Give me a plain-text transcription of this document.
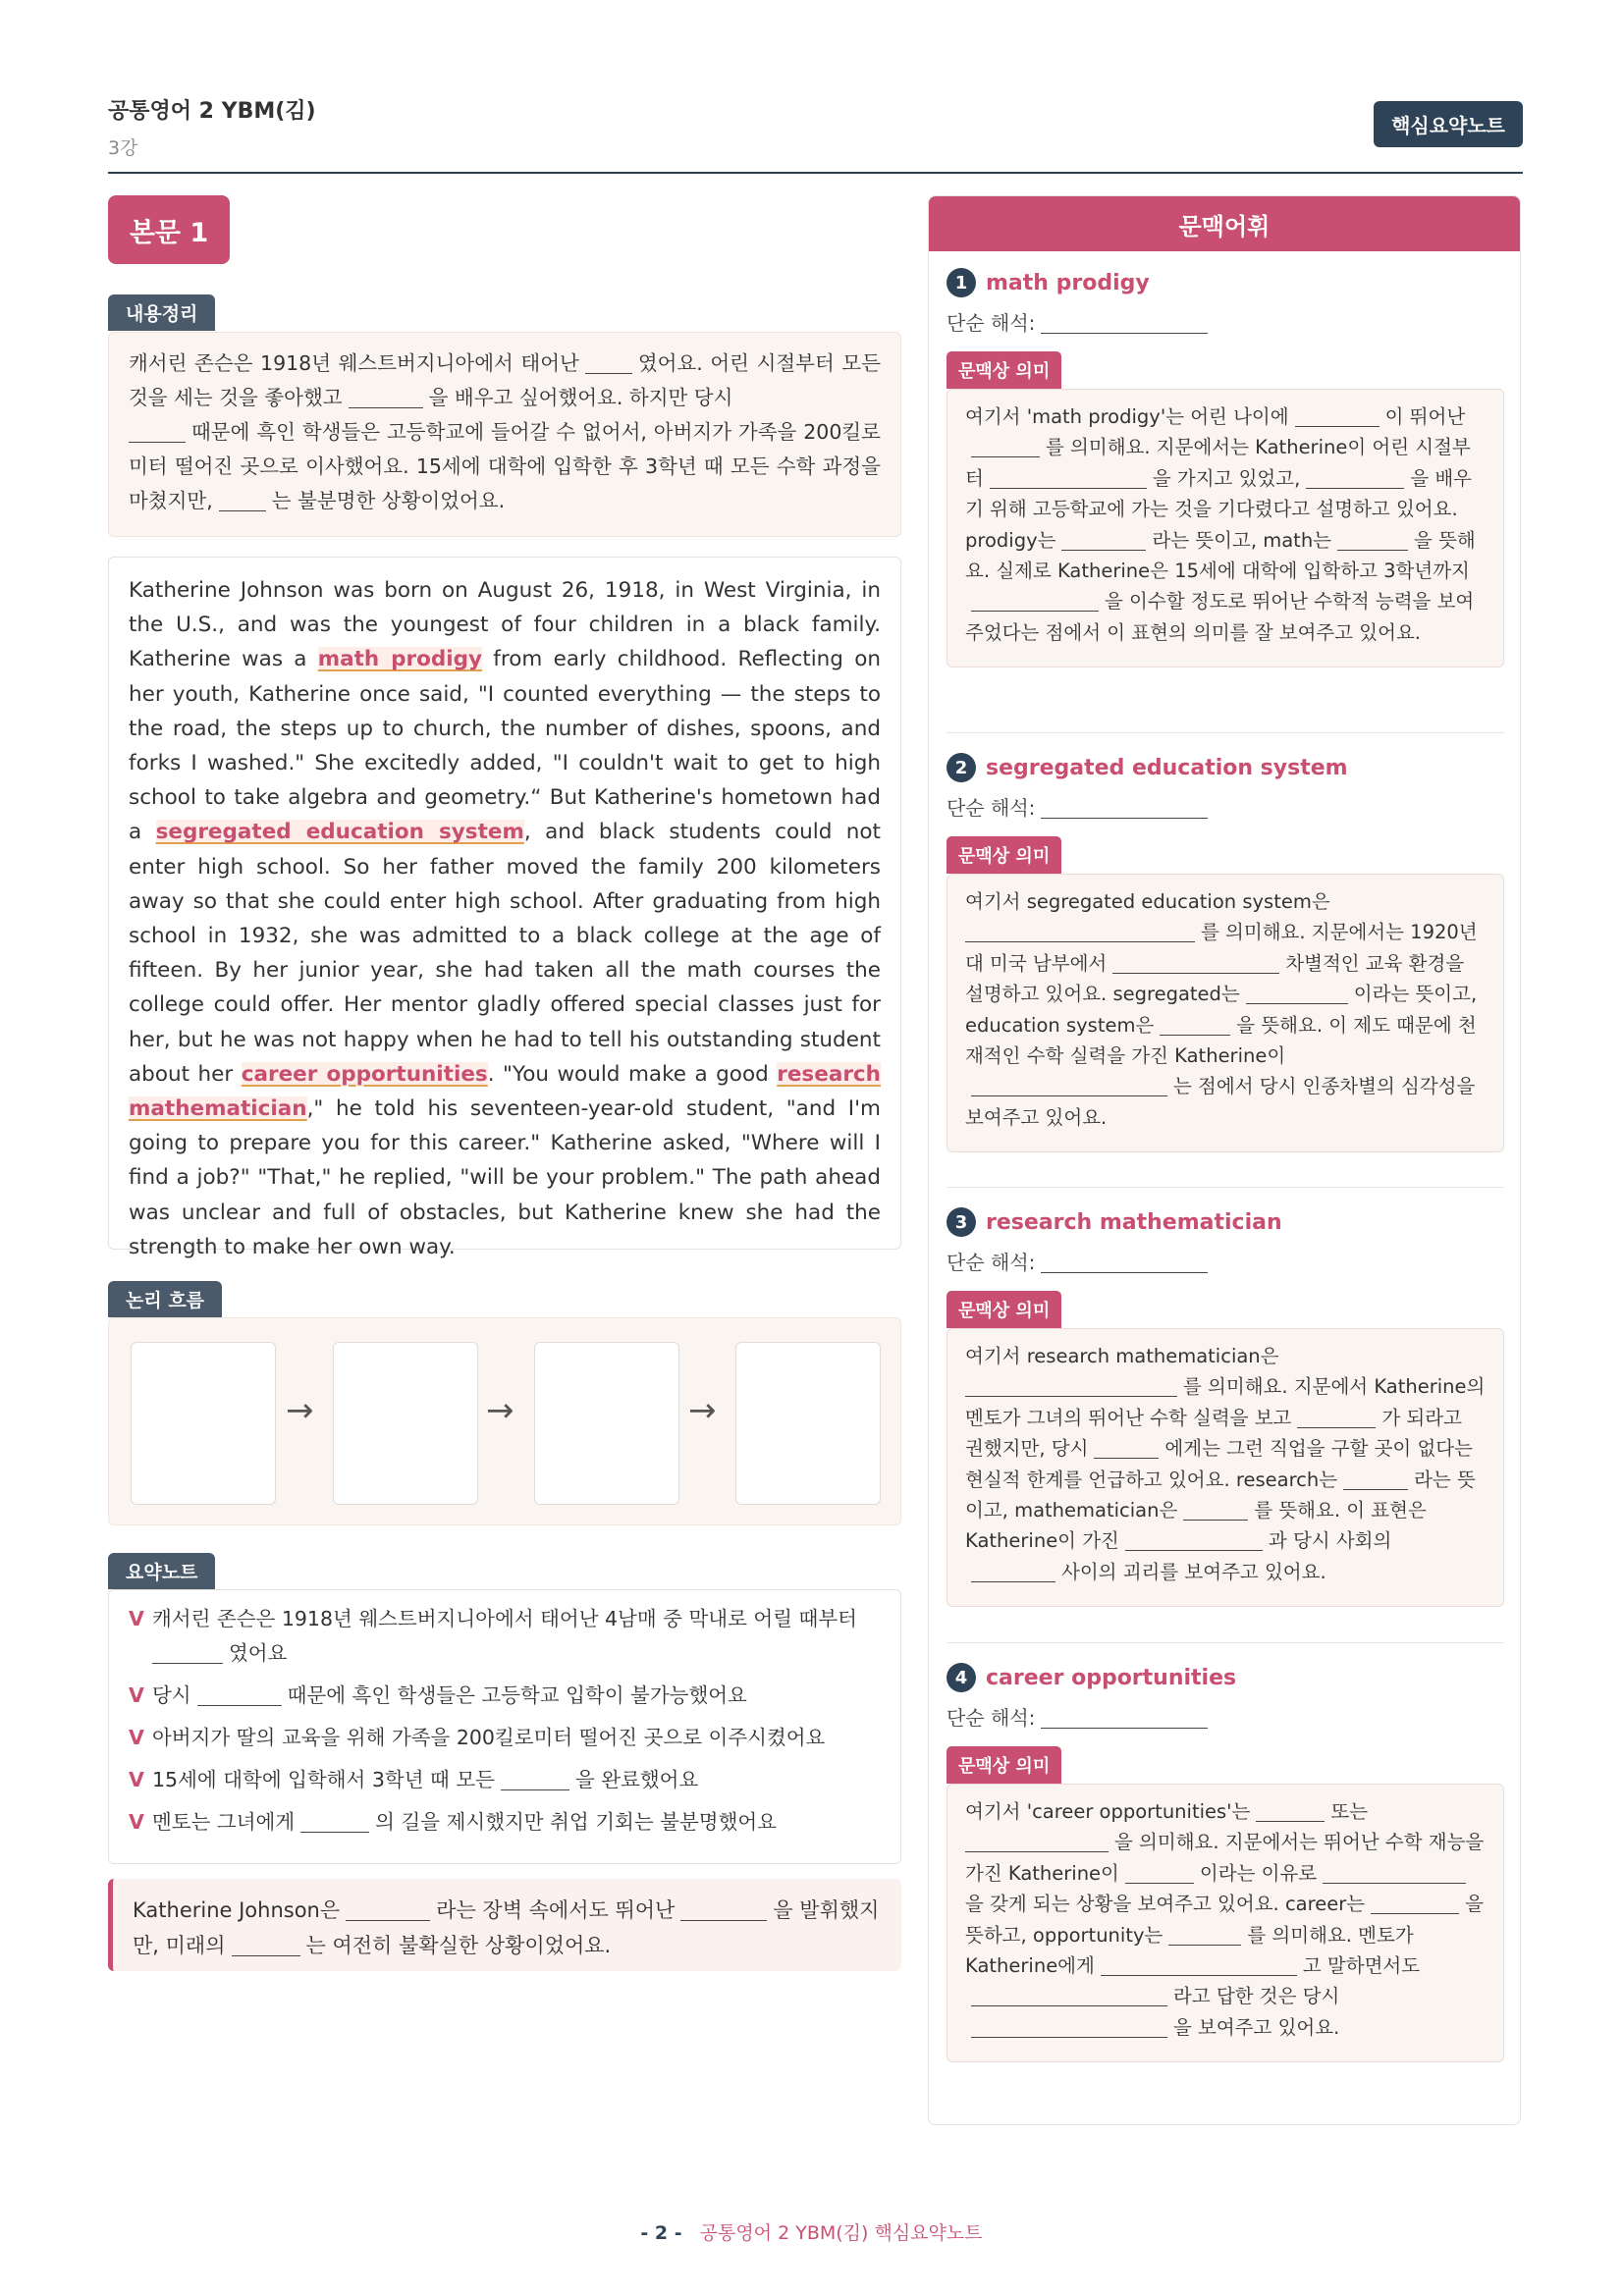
공통영어 2 YBM(김)
3강
핵심요약노트
본문 1
내용정리
캐서린 존슨은 1918년 웨스트버지니아에서 태어난	였어요. 어린 시절부터 모든 것을 세는 것을 좋아했고	을 배우고 싶어했어요. 하지만 당시
때문에 흑인 학생들은 고등학교에 들어갈 수 없어서, 아버지가 가족을 200킬로미터 떨어진 곳으로 이사했어요. 15세에 대학에 입학한 후 3학년 때 모든 수학 과정을 마쳤지만,	는 불분명한 상황이었어요.
Katherine Johnson was born on August 26, 1918, in West Virginia, in the U.S., and was the youngest of four children in a black family. Katherine was a math prodigy from early childhood. Reflecting on her youth, Katherine once said, "I counted everything — the steps to the road, the steps up to church, the number of dishes, spoons, and forks I washed." She excitedly added, "I couldn't wait to get to high school to take algebra and geometry.“ But Katherine's hometown had a segregated education system, and black students could not enter high school. So her father moved the family 200 kilometers away so that she could enter high school. After graduating from high school in 1932, she was admitted to a black college at the age of fifteen. By her junior year, she had taken all the math courses the college could offer. Her mentor gladly offered special classes just for her, but he was not happy when he had to tell his outstanding student about her career opportunities. "You would make a good research mathematician," he told his seventeen-year-old student, "and I'm going to prepare you for this career." Katherine asked, "Where will I find a job?" "That," he replied, "will be your problem." The path ahead was unclear and full of obstacles, but Katherine knew she had the strength to make her own way.
논리 흐름
→	→	→
요약노트
V 캐서린 존슨은 1918년 웨스트버지니아에서 태어난 4남매 중 막내로 어릴 때부터
였어요
V 당시	때문에 흑인 학생들은 고등학교 입학이 불가능했어요
V 아버지가 딸의 교육을 위해 가족을 200킬로미터 떨어진 곳으로 이주시켰어요
V 15세에 대학에 입학해서 3학년 때 모든	을 완료했어요
V 멘토는 그녀에게	의 길을 제시했지만 취업 기회는 불분명했어요
Katherine Johnson은	라는 장벽 속에서도 뛰어난	을 발휘했지만, 미래의	는 여전히 불확실한 상황이었어요.
문맥어휘
1 math prodigy
단순 해석:
문맥상 의미
여기서 'math prodigy'는 어린 나이에	이 뛰어난를 의미해요. 지문에서는 Katherine이 어린 시절부터	을 가지고 있었고,	을 배우기 위해 고등학교에 가는 것을 기다렸다고 설명하고 있어요. prodigy는	라는 뜻이고, math는	을 뜻해요. 실제로 Katherine은 15세에 대학에 입학하고 3학년까지을 이수할 정도로 뛰어난 수학적 능력을 보여주었다는 점에서 이 표현의 의미를 잘 보여주고 있어요.
2 segregated education system
단순 해석:
문맥상 의미
여기서 segregated education system은
를 의미해요. 지문에서는 1920년대 미국 남부에서	차별적인 교육 환경을 설명하고 있어요. segregated는	이라는 뜻이고, education system은	을 뜻해요. 이 제도 때문에 천재적인 수학 실력을 가진 Katherine이는 점에서 당시 인종차별의 심각성을 보여주고 있어요.
3 research mathematician
단순 해석:
문맥상 의미
여기서 research mathematician은
를 의미해요. 지문에서 Katherine의 멘토가 그녀의 뛰어난 수학 실력을 보고	가 되라고 권했지만, 당시	에게는 그런 직업을 구할 곳이 없다는 현실적 한계를 언급하고 있어요. research는	라는 뜻이고, mathematician은	를 뜻해요. 이 표현은 Katherine이 가진	과 당시 사회의사이의 괴리를 보여주고 있어요.
4 career opportunities
단순 해석:
문맥상 의미
여기서 'career opportunities'는	또는
을 의미해요. 지문에서는 뛰어난 수학 재능을 가진 Katherine이	이라는 이유로을 갖게 되는 상황을 보여주고 있어요. career는	을 뜻하고, opportunity는	를 의미해요. 멘토가 Katherine에게	고 말하면서도라고 답한 것은 당시을 보여주고 있어요.
- 2 - 공통영어 2 YBM(김) 핵심요약노트
